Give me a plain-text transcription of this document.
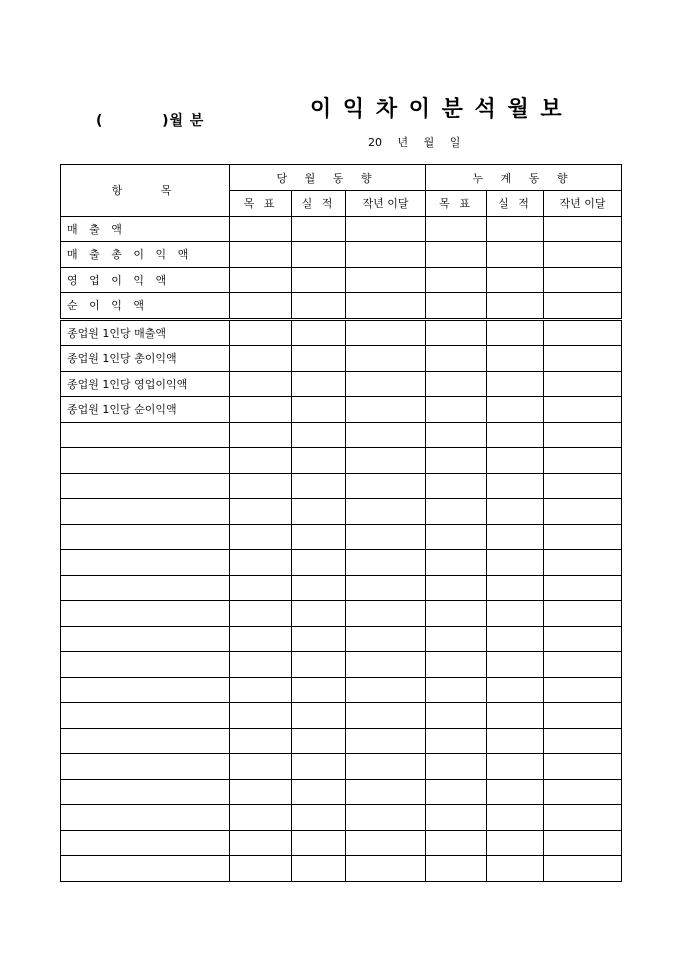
(          )월 분	이 익 차 이 분 석 월 보
20 년 월 일
항   목	당 월 동 향			누 계 동 향		
	목 표	실 적	작년 이달	목 표	실 적	작년 이달
매 출 액						
매 출 총 이 익 액						
영 업 이 익 액						
순 이 익 액						
종업원 1인당 매출액						
종업원 1인당 총이익액						
종업원 1인당 영업이익액						
종업원 1인당 순이익액						
